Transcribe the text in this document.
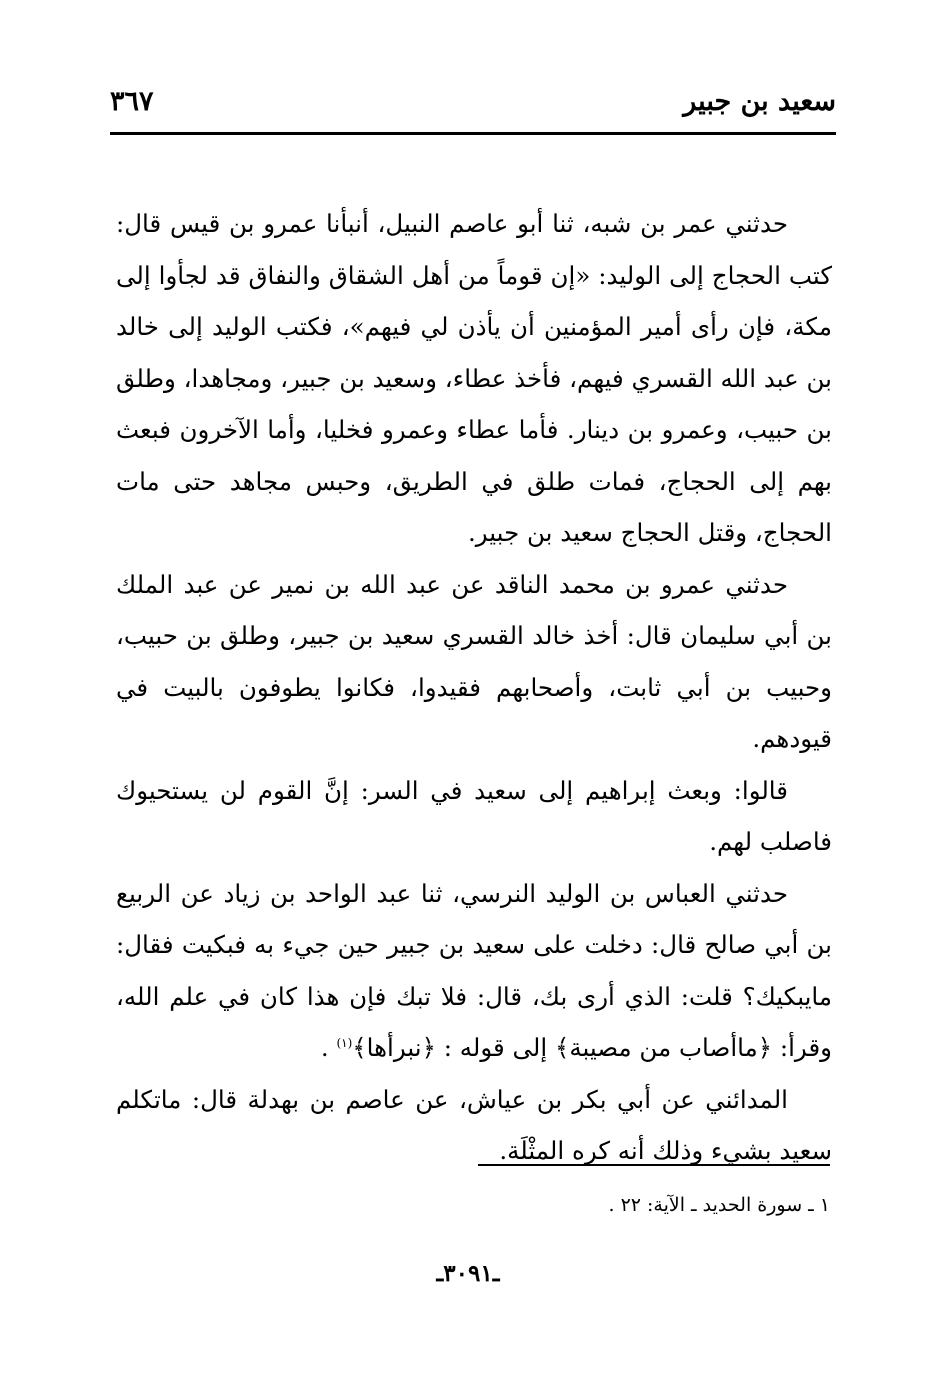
سعيد بن جبير
٣٦٧

حدثني عمر بن شبه، ثنا أبو عاصم النبيل، أنبأنا عمرو بن قيس قال: كتب الحجاج إلى الوليد: «إن قوماً من أهل الشقاق والنفاق قد لجأوا إلى مكة، فإن رأى أمير المؤمنين أن يأذن لي فيهم»، فكتب الوليد إلى خالد بن عبد الله القسري فيهم، فأخذ عطاء، وسعيد بن جبير، ومجاهدا، وطلق بن حبيب، وعمرو بن دينار. فأما عطاء وعمرو فخليا، وأما الآخرون فبعث بهم إلى الحجاج، فمات طلق في الطريق، وحبس مجاهد حتى مات الحجاج، وقتل الحجاج سعيد بن جبير.

حدثني عمرو بن محمد الناقد عن عبد الله بن نمير عن عبد الملك بن أبي سليمان قال: أخذ خالد القسري سعيد بن جبير، وطلق بن حبيب، وحبيب بن أبي ثابت، وأصحابهم فقيدوا، فكانوا يطوفون بالبيت في قيودهم.

قالوا: وبعث إبراهيم إلى سعيد في السر: إنَّ القوم لن يستحيوك فاصلب لهم.

حدثني العباس بن الوليد النرسي، ثنا عبد الواحد بن زياد عن الربيع بن أبي صالح قال: دخلت على سعيد بن جبير حين جيء به فبكيت فقال: مايبكيك؟ قلت: الذي أرى بك، قال: فلا تبك فإن هذا كان في علم الله، وقرأ: ﴿ماأصاب من مصيبة﴾ إلى قوله : ﴿نبرأها﴾$^{(١)}$ .

المدائني عن أبي بكر بن عياش، عن عاصم بن بهدلة قال: ماتكلم سعيد بشيء وذلك أنه كره المثْلَة.

١ ـ سورة الحديد ـ الآية: ٢٢ .
ـ٣٠٩١ـ
